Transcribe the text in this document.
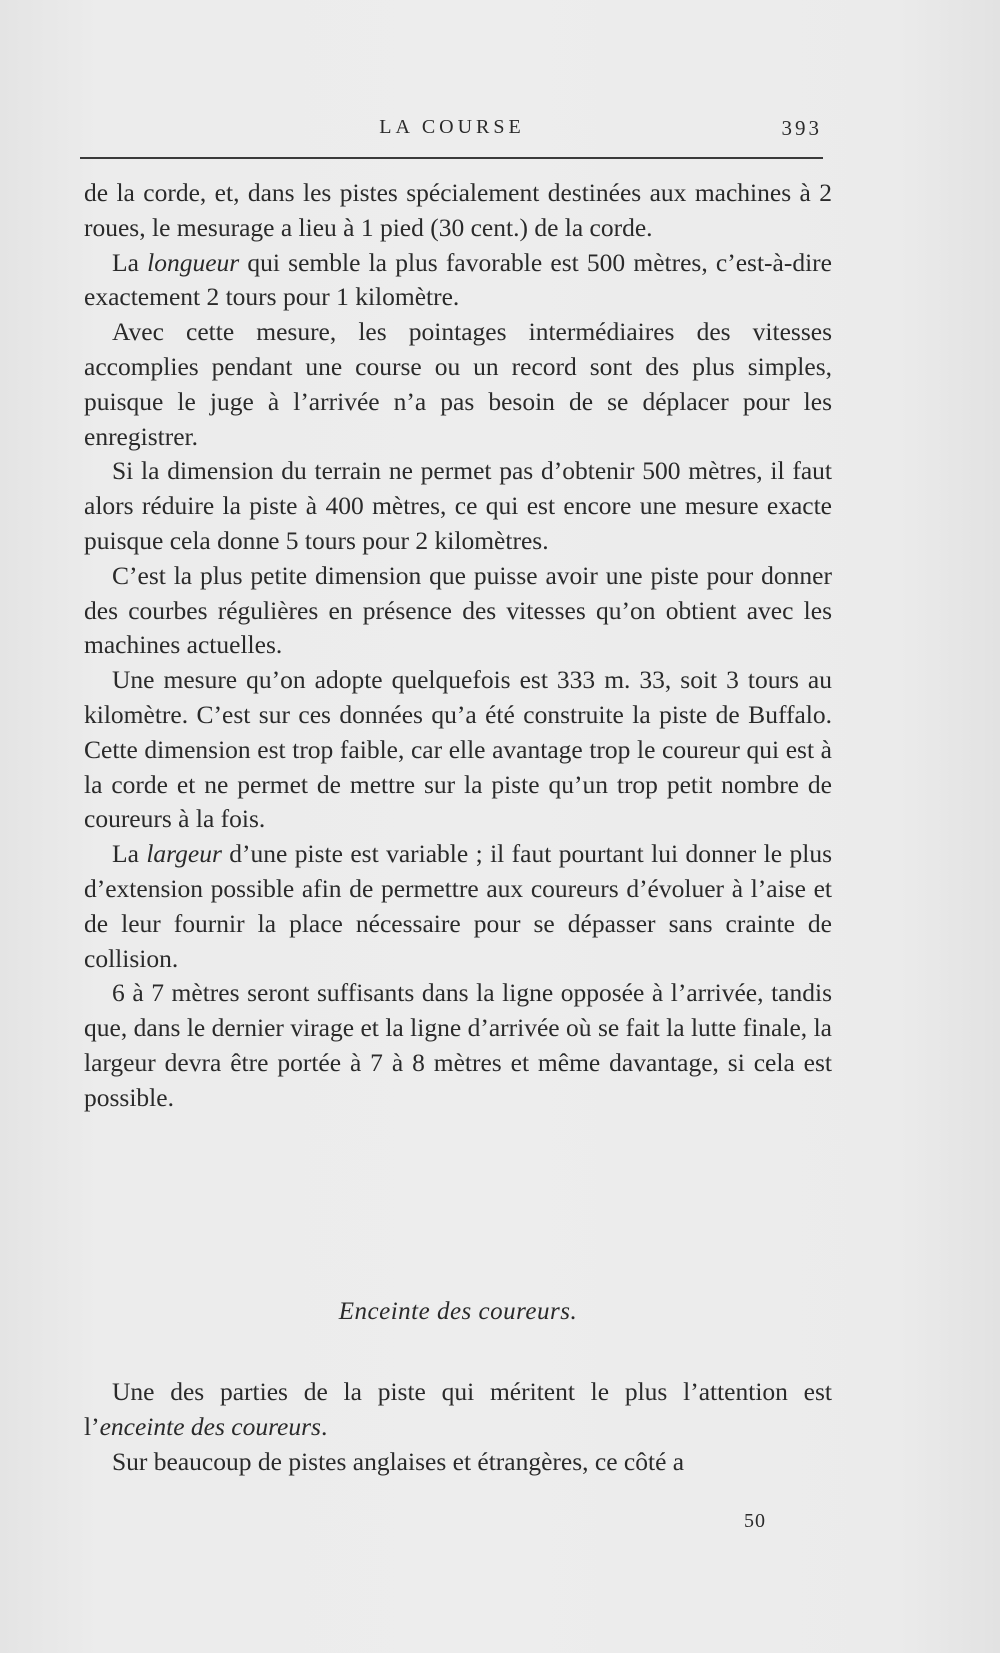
LA COURSE	393

de la corde, et, dans les pistes spécialement destinées aux machines à 2 roues, le mesurage a lieu à 1 pied (30 cent.) de la corde.

La longueur qui semble la plus favorable est 500 mètres, c’est-à-dire exactement 2 tours pour 1 kilomètre.

Avec cette mesure, les pointages intermédiaires des vitesses accomplies pendant une course ou un record sont des plus simples, puisque le juge à l’arrivée n’a pas besoin de se déplacer pour les enregistrer.

Si la dimension du terrain ne permet pas d’obtenir 500 mètres, il faut alors réduire la piste à 400 mètres, ce qui est encore une mesure exacte puisque cela donne 5 tours pour 2 kilomètres.

C’est la plus petite dimension que puisse avoir une piste pour donner des courbes régulières en présence des vitesses qu’on obtient avec les machines actuelles.

Une mesure qu’on adopte quelquefois est 333 m. 33, soit 3 tours au kilomètre. C’est sur ces données qu’a été construite la piste de Buffalo. Cette dimension est trop faible, car elle avantage trop le coureur qui est à la corde et ne permet de mettre sur la piste qu’un trop petit nombre de coureurs à la fois.

La largeur d’une piste est variable ; il faut pourtant lui donner le plus d’extension possible afin de permettre aux coureurs d’évoluer à l’aise et de leur fournir la place nécessaire pour se dépasser sans crainte de collision.

6 à 7 mètres seront suffisants dans la ligne opposée à l’arrivée, tandis que, dans le dernier virage et la ligne d’arrivée où se fait la lutte finale, la largeur devra être portée à 7 à 8 mètres et même davantage, si cela est possible.

Enceinte des coureurs.

Une des parties de la piste qui méritent le plus l’attention est l’enceinte des coureurs.

Sur beaucoup de pistes anglaises et étrangères, ce côté a

50
